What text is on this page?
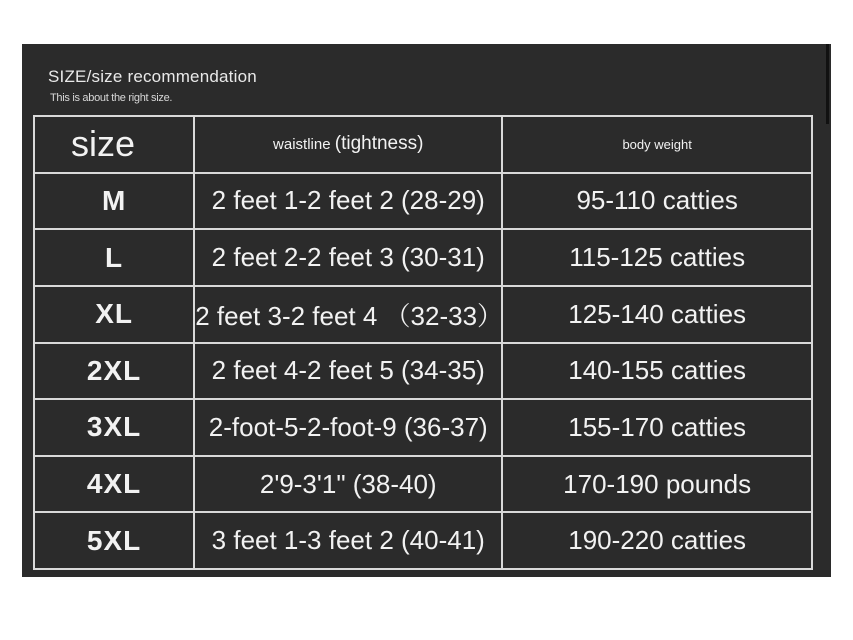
SIZE/size recommendation
This is about the right size.
size	waistline (tightness)	body weight
M	2 feet 1-2 feet 2 (28-29)	95-110 catties
L	2 feet 2-2 feet 3 (30-31)	115-125 catties
XL	2 feet 3-2 feet 4 （32-33）	125-140 catties
2XL	2 feet 4-2 feet 5 (34-35)	140-155 catties
3XL	2-foot-5-2-foot-9 (36-37)	155-170 catties
4XL	2'9-3'1" (38-40)	170-190 pounds
5XL	3 feet 1-3 feet 2 (40-41)	190-220 catties
